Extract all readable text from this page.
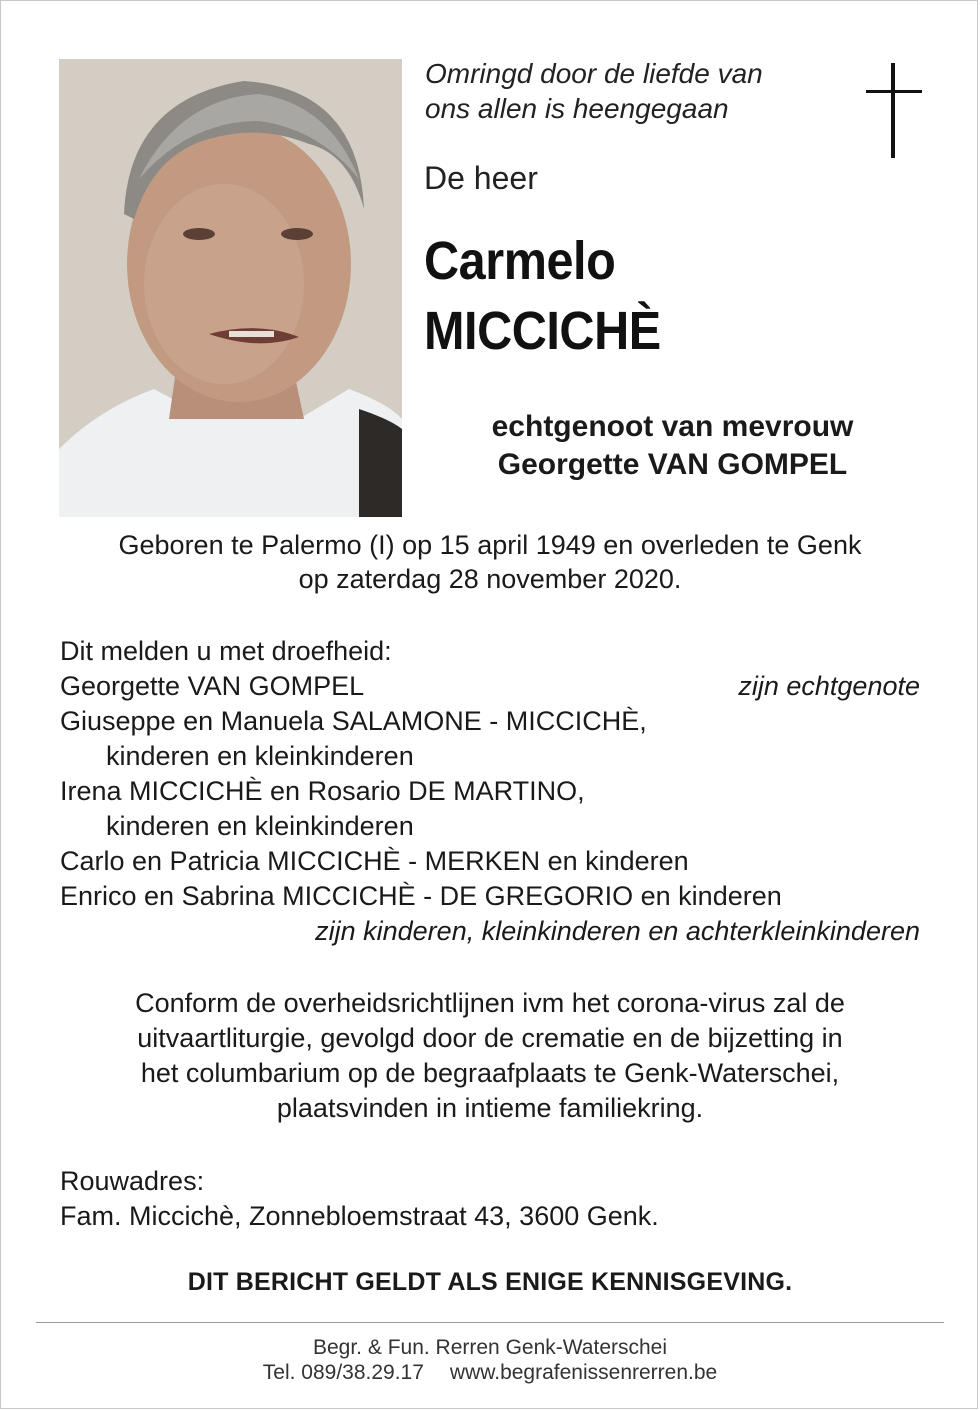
Omringd door de liefde van
ons allen is heengegaan

De heer

Carmelo
MICCICHÈ

echtgenoot van mevrouw
Georgette VAN GOMPEL

Geboren te Palermo (I) op 15 april 1949 en overleden te Genk
op zaterdag 28 november 2020.

Dit melden u met droefheid:
Georgette VAN GOMPEL	zijn echtgenote
Giuseppe en Manuela SALAMONE - MICCICHÈ,
kinderen en kleinkinderen
Irena MICCICHÈ en Rosario DE MARTINO,
kinderen en kleinkinderen
Carlo en Patricia MICCICHÈ - MERKEN en kinderen
Enrico en Sabrina MICCICHÈ - DE GREGORIO en kinderen
zijn kinderen, kleinkinderen en achterkleinkinderen

Conform de overheidsrichtlijnen ivm het corona-virus zal de
uitvaartliturgie, gevolgd door de crematie en de bijzetting in
het columbarium op de begraafplaats te Genk-Waterschei,
plaatsvinden in intieme familiekring.

Rouwadres:
Fam. Miccichè, Zonnebloemstraat 43, 3600 Genk.

DIT BERICHT GELDT ALS ENIGE KENNISGEVING.

Begr. & Fun. Rerren Genk-Waterschei
Tel. 089/38.29.17 www.begrafenissenrerren.be
